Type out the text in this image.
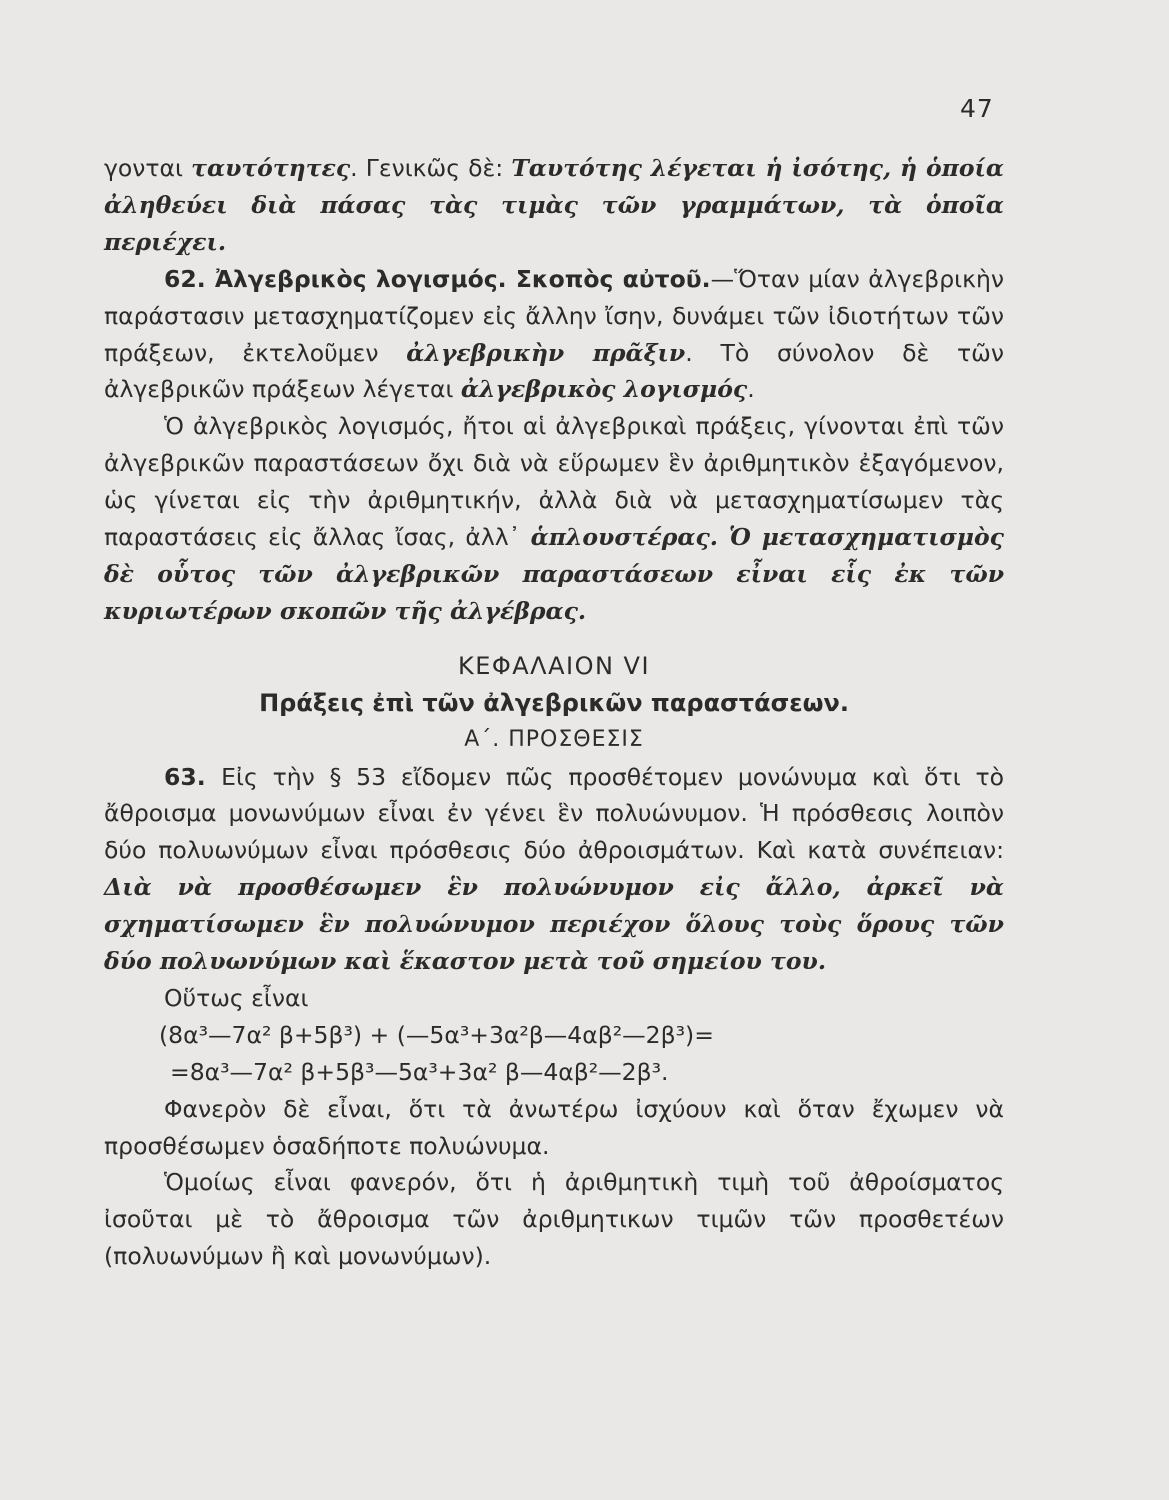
47

γονται ταυτότητες. Γενικῶς δὲ: Ταυτότης λέγεται ἡ ἰσότης, ἡ ὁποία ἀληθεύει διὰ πάσας τὰς τιμὰς τῶν γραμμάτων, τὰ ὁποῖα περιέχει.

62. Ἀλγεβρικὸς λογισμός. Σκοπὸς αὐτοῦ.—Ὅταν μίαν ἀλγεβρικὴν παράστασιν μετασχηματίζομεν εἰς ἄλλην ἴσην, δυνάμει τῶν ἰδιοτήτων τῶν πράξεων, ἐκτελοῦμεν ἀλγεβρικὴν πρᾶξιν. Τὸ σύνολον δὲ τῶν ἀλγεβρικῶν πράξεων λέγεται ἀλγεβρικὸς λογισμός.

Ὁ ἀλγεβρικὸς λογισμός, ἤτοι αἱ ἀλγεβρικαὶ πράξεις, γίνονται ἐπὶ τῶν ἀλγεβρικῶν παραστάσεων ὄχι διὰ νὰ εὕρωμεν ἓν ἀριθμητικὸν ἐξαγόμενον, ὡς γίνεται εἰς τὴν ἀριθμητικήν, ἀλλὰ διὰ νὰ μετασχηματίσωμεν τὰς παραστάσεις εἰς ἄλλας ἴσας, ἀλλ᾿ ἁπλουστέρας. Ὁ μετασχηματισμὸς δὲ οὗτος τῶν ἀλγεβρικῶν παραστάσεων εἶναι εἷς ἐκ τῶν κυριωτέρων σκοπῶν τῆς ἀλγέβρας.

ΚΕΦΑΛΑΙΟΝ VI

Πράξεις ἐπὶ τῶν ἀλγεβρικῶν παραστάσεων.

Α΄. ΠΡΟΣΘΕΣΙΣ

63. Εἰς τὴν § 53 εἴδομεν πῶς προσθέτομεν μονώνυμα καὶ ὅτι τὸ ἄθροισμα μονωνύμων εἶναι ἐν γένει ἓν πολυώνυμον. Ἡ πρόσθεσις λοιπὸν δύο πολυωνύμων εἶναι πρόσθεσις δύο ἀθροισμάτων. Καὶ κατὰ συνέπειαν: Διὰ νὰ προσθέσωμεν ἓν πολυώνυμον εἰς ἄλλο, ἀρκεῖ νὰ σχηματίσωμεν ἓν πολυώνυμον περιέχον ὅλους τοὺς ὅρους τῶν δύο πολυωνύμων καὶ ἕκαστον μετὰ τοῦ σημείου του.

Οὕτως εἶναι

(8α³—7α² β+5β³) + (—5α³+3α²β—4αβ²—2β³)=

=8α³—7α² β+5β³—5α³+3α² β—4αβ²—2β³.

Φανερὸν δὲ εἶναι, ὅτι τὰ ἀνωτέρω ἰσχύουν καὶ ὅταν ἔχωμεν νὰ προσθέσωμεν ὁσαδήποτε πολυώνυμα.

Ὁμοίως εἶναι φανερόν, ὅτι ἡ ἀριθμητικὴ τιμὴ τοῦ ἀθροίσματος ἰσοῦται μὲ τὸ ἄθροισμα τῶν ἀριθμητικων τιμῶν τῶν προσθετέων (πολυωνύμων ἢ καὶ μονωνύμων).
